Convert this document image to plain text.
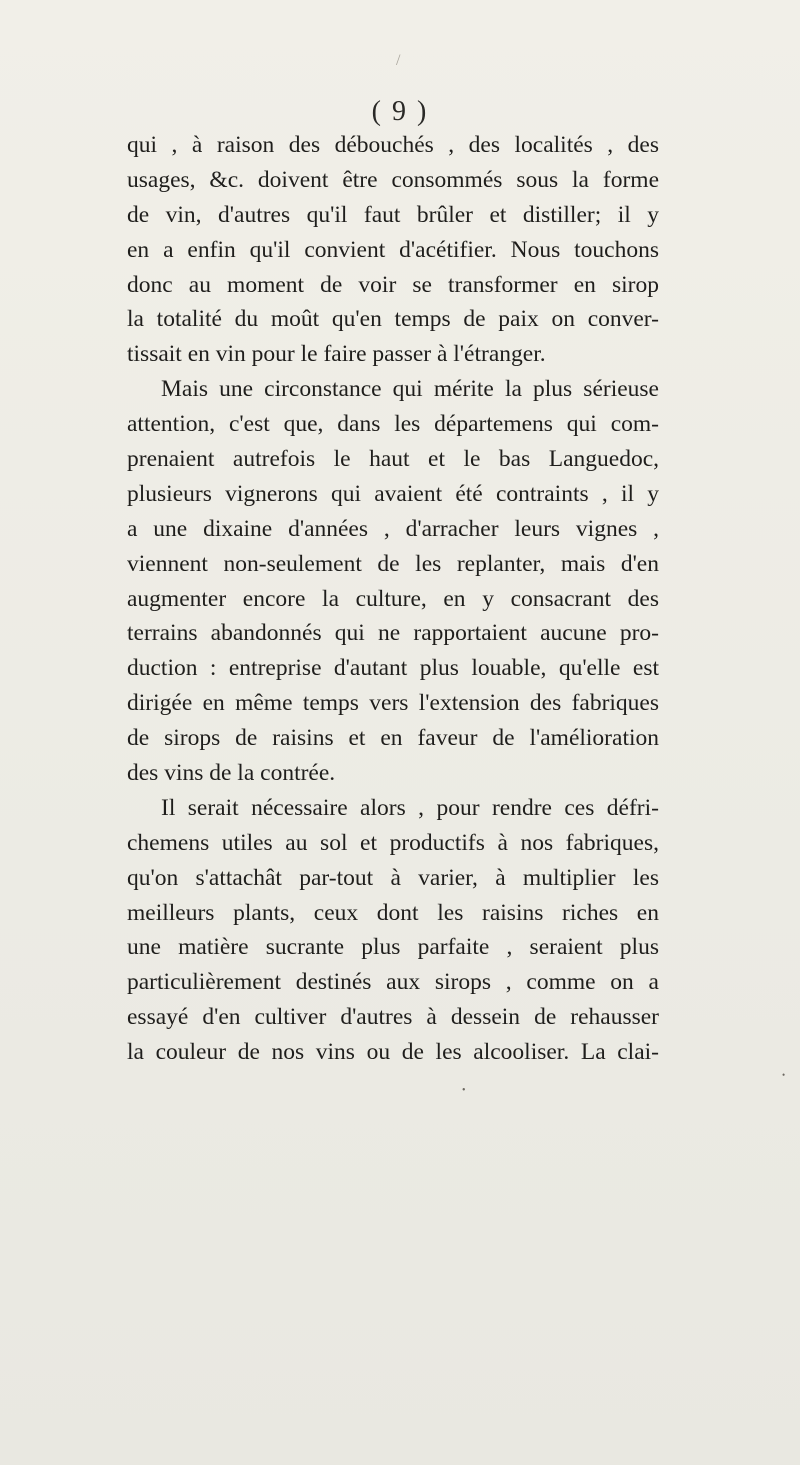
( 9 )
qui , à raison des débouchés , des localités , des
usages, &c. doivent être consommés sous la forme
de vin, d'autres qu'il faut brûler et distiller; il y
en a enfin qu'il convient d'acétifier. Nous touchons
donc au moment de voir se transformer en sirop
la totalité du moût qu'en temps de paix on conver-
tissait en vin pour le faire passer à l'étranger.
Mais une circonstance qui mérite la plus sérieuse
attention, c'est que, dans les départemens qui com-
prenaient autrefois le haut et le bas Languedoc,
plusieurs vignerons qui avaient été contraints , il y
a une dixaine d'années , d'arracher leurs vignes ,
viennent non-seulement de les replanter, mais d'en
augmenter encore la culture, en y consacrant des
terrains abandonnés qui ne rapportaient aucune pro-
duction : entreprise d'autant plus louable, qu'elle est
dirigée en même temps vers l'extension des fabriques
de sirops de raisins et en faveur de l'amélioration
des vins de la contrée.
Il serait nécessaire alors , pour rendre ces défri-
chemens utiles au sol et productifs à nos fabriques,
qu'on s'attachât par-tout à varier, à multiplier les
meilleurs plants, ceux dont les raisins riches en
une matière sucrante plus parfaite , seraient plus
particulièrement destinés aux sirops , comme on a
essayé d'en cultiver d'autres à dessein de rehausser
la couleur de nos vins ou de les alcooliser. La clai-
•
•
/
